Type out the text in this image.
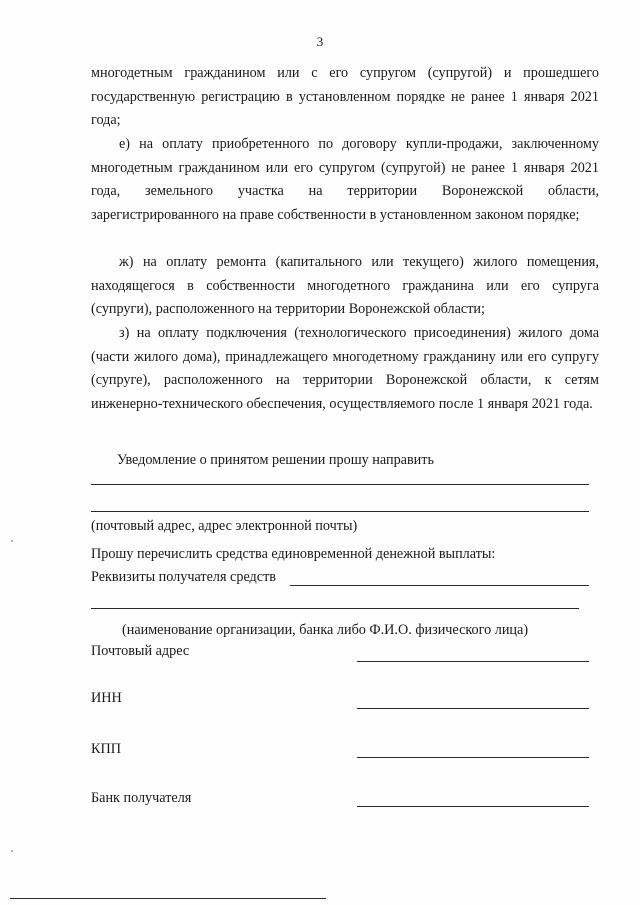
3

многодетным гражданином или с его супругом (супругой) и прошедшего государственную регистрацию в установленном порядке не ранее 1 января 2021 года;

е) на оплату приобретенного по договору купли-продажи, заключенному многодетным гражданином или его супругом (супругой) не ранее 1 января 2021 года, земельного участка на территории Воронежской области, зарегистрированного на праве собственности в установленном законом порядке;

ж) на оплату ремонта (капитального или текущего) жилого помещения, находящегося в собственности многодетного гражданина или его супруга (супруги), расположенного на территории Воронежской области;

з) на оплату подключения (технологического присоединения) жилого дома (части жилого дома), принадлежащего многодетному гражданину или его супругу (супруге), расположенного на территории Воронежской области, к сетям инженерно-технического обеспечения, осуществляемого после 1 января 2021 года.

Уведомление о принятом решении прошу направить
(почтовый адрес, адрес электронной почты)
Прошу перечислить средства единовременной денежной выплаты:
Реквизиты получателя средств
(наименование организации, банка либо Ф.И.О. физического лица)
Почтовый адрес
ИНН
КПП
Банк получателя
